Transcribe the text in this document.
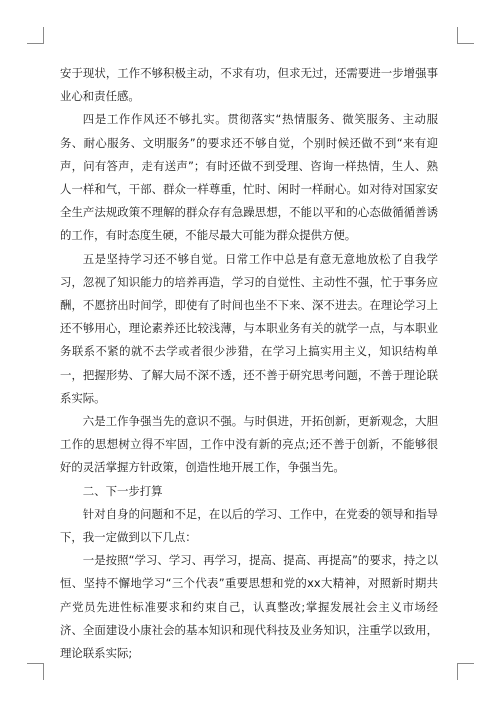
安于现状，工作不够积极主动，不求有功，但求无过，还需要进一步增强事业心和责任感。

四是工作作风还不够扎实。贯彻落实“热情服务、微笑服务、主动服务、耐心服务、文明服务”的要求还不够自觉，个别时候还做不到“来有迎声，问有答声，走有送声”；有时还做不到受理、咨询一样热情，生人、熟人一样和气，干部、群众一样尊重，忙时、闲时一样耐心。如对待对国家安全生产法规政策不理解的群众存有急躁思想，不能以平和的心态做循循善诱的工作，有时态度生硬，不能尽最大可能为群众提供方便。

五是坚持学习还不够自觉。日常工作中总是有意无意地放松了自我学习，忽视了知识能力的培养再造，学习的自觉性、主动性不强，忙于事务应酬，不愿挤出时间学，即使有了时间也坐不下来、深不进去。在理论学习上还不够用心，理论素养还比较浅薄，与本职业务有关的就学一点，与本职业务联系不紧的就不去学或者很少涉猎，在学习上搞实用主义，知识结构单一，把握形势、了解大局不深不透，还不善于研究思考问题，不善于理论联系实际。

六是工作争强当先的意识不强。与时俱进，开拓创新，更新观念，大胆工作的思想树立得不牢固，工作中没有新的亮点;还不善于创新，不能够很好的灵活掌握方针政策，创造性地开展工作，争强当先。

二、下一步打算

针对自身的问题和不足，在以后的学习、工作中，在党委的领导和指导下，我一定做到以下几点：

一是按照“学习、学习、再学习，提高、提高、再提高”的要求，持之以恒、坚持不懈地学习“三个代表”重要思想和党的xx大精神，对照新时期共产党员先进性标准要求和约束自己，认真整改;掌握发展社会主义市场经济、全面建设小康社会的基本知识和现代科技及业务知识，注重学以致用，理论联系实际;
